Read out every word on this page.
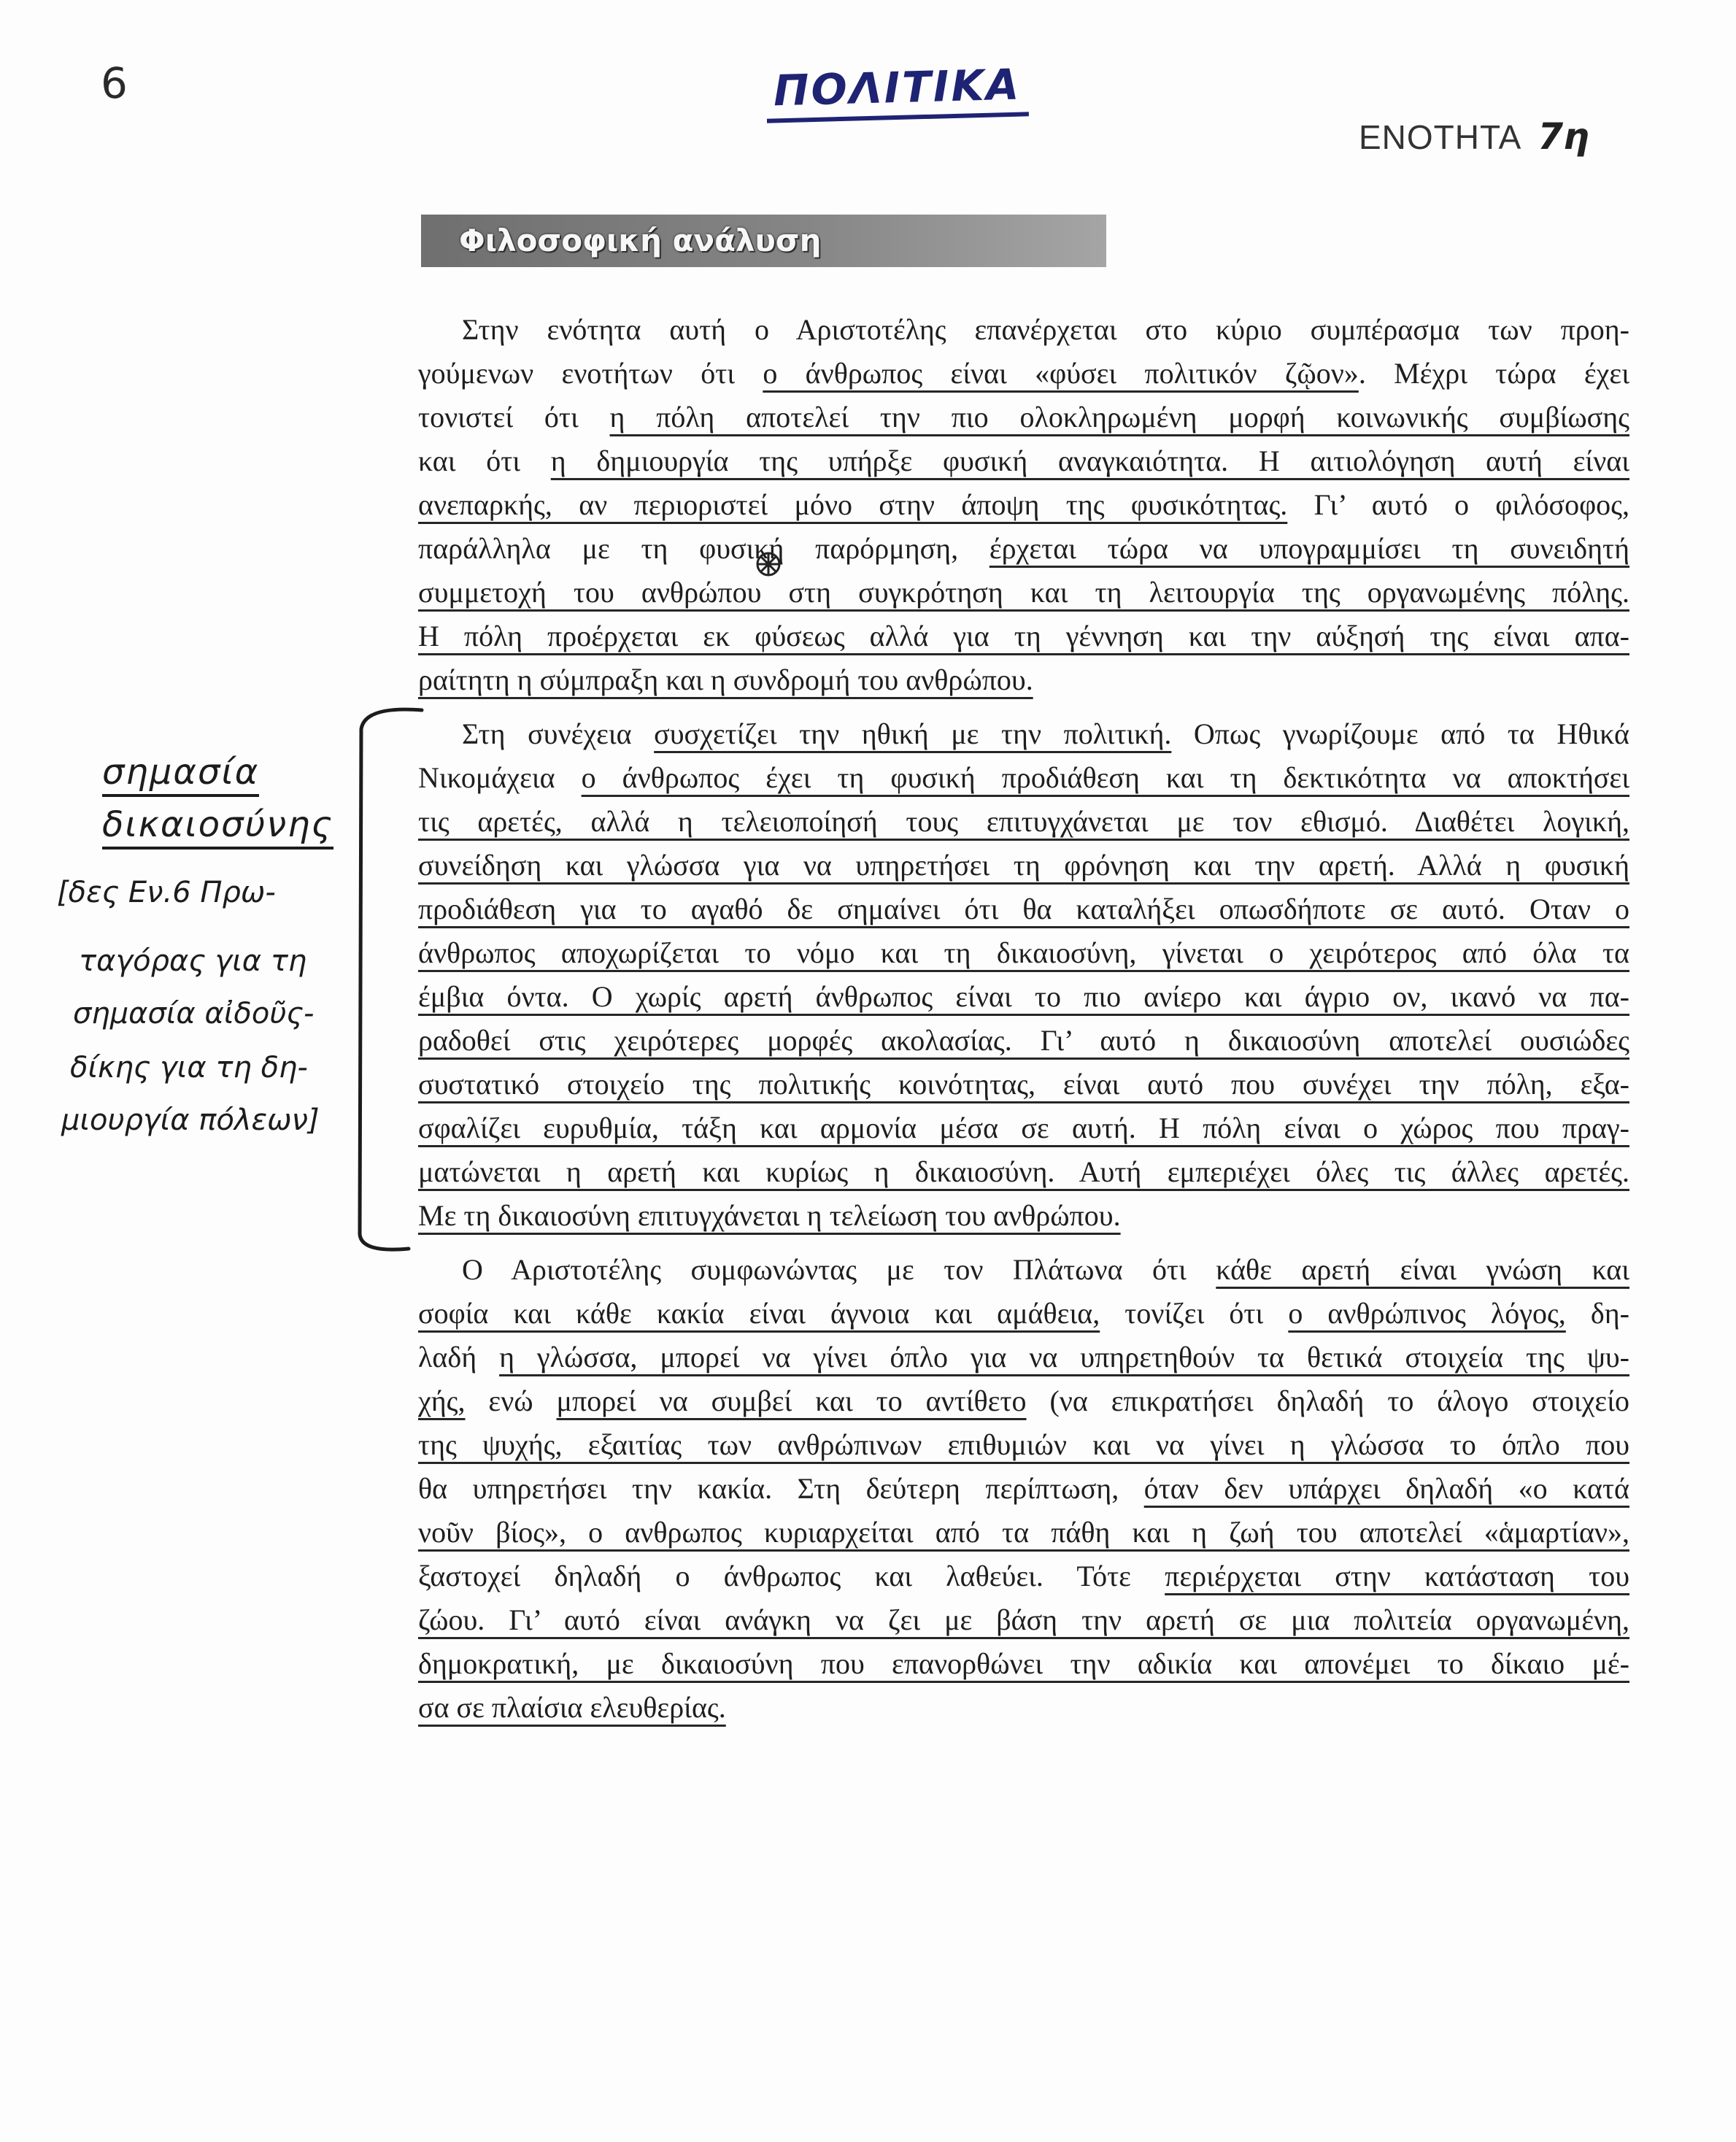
6	ΠΟΛΙΤΙΚΑ
ΕΝΟΤΗΤΑ 7η
Φιλοσοφική ανάλυση
Στην ενότητα αυτή ο Αριστοτέλης επανέρχεται στο κύριο συμπέρασμα των προη-
γούμενων ενοτήτων ότι ο άνθρωπος είναι «φύσει πολιτικόν ζῷον». Μέχρι τώρα έχει
τονιστεί ότι η πόλη αποτελεί την πιο ολοκληρωμένη μορφή κοινωνικής συμβίωσης
και ότι η δημιουργία της υπήρξε φυσική αναγκαιότητα. Η αιτιολόγηση αυτή είναι
ανεπαρκής, αν περιοριστεί μόνο στην άποψη της φυσικότητας. Γι’ αυτό ο φιλόσοφος,
παράλληλα με τη φυσική παρόρμηση, έρχεται τώρα να υπογραμμίσει τη συνειδητή
συμμετοχή του ανθρώπου στη συγκρότηση και τη λειτουργία της οργανωμένης πόλης.
Η πόλη προέρχεται εκ φύσεως αλλά για τη γέννηση και την αύξησή της είναι απα-
ραίτητη η σύμπραξη και η συνδρομή του ανθρώπου.
Στη συνέχεια συσχετίζει την ηθική με την πολιτική. Οπως γνωρίζουμε από τα Ηθικά
Νικομάχεια ο άνθρωπος έχει τη φυσική προδιάθεση και τη δεκτικότητα να αποκτήσει
τις αρετές, αλλά η τελειοποίησή τους επιτυγχάνεται με τον εθισμό. Διαθέτει λογική,
συνείδηση και γλώσσα για να υπηρετήσει τη φρόνηση και την αρετή. Αλλά η φυσική
προδιάθεση για το αγαθό δε σημαίνει ότι θα καταλήξει οπωσδήποτε σε αυτό. Οταν ο
άνθρωπος αποχωρίζεται το νόμο και τη δικαιοσύνη, γίνεται ο χειρότερος από όλα τα
έμβια όντα. Ο χωρίς αρετή άνθρωπος είναι το πιο ανίερο και άγριο ον, ικανό να πα-
ραδοθεί στις χειρότερες μορφές ακολασίας. Γι’ αυτό η δικαιοσύνη αποτελεί ουσιώδες
συστατικό στοιχείο της πολιτικής κοινότητας, είναι αυτό που συνέχει την πόλη, εξα-
σφαλίζει ευρυθμία, τάξη και αρμονία μέσα σε αυτή. Η πόλη είναι ο χώρος που πραγ-
ματώνεται η αρετή και κυρίως η δικαιοσύνη. Αυτή εμπεριέχει όλες τις άλλες αρετές.
Με τη δικαιοσύνη επιτυγχάνεται η τελείωση του ανθρώπου.
Ο Αριστοτέλης συμφωνώντας με τον Πλάτωνα ότι κάθε αρετή είναι γνώση και
σοφία και κάθε κακία είναι άγνοια και αμάθεια, τονίζει ότι ο ανθρώπινος λόγος, δη-
λαδή η γλώσσα, μπορεί να γίνει όπλο για να υπηρετηθούν τα θετικά στοιχεία της ψυ-
χής, ενώ μπορεί να συμβεί και το αντίθετο (να επικρατήσει δηλαδή το άλογο στοιχείο
της ψυχής, εξαιτίας των ανθρώπινων επιθυμιών και να γίνει η γλώσσα το όπλο που
θα υπηρετήσει την κακία. Στη δεύτερη περίπτωση, όταν δεν υπάρχει δηλαδή «ο κατά
νοῦν βίος», ο ανθρωπος κυριαρχείται από τα πάθη και η ζωή του αποτελεί «ἁμαρτίαν»,
ξαστοχεί δηλαδή ο άνθρωπος και λαθεύει. Τότε περιέρχεται στην κατάσταση του
ζώου. Γι’ αυτό είναι ανάγκη να ζει με βάση την αρετή σε μια πολιτεία οργανωμένη,
δημοκρατική, με δικαιοσύνη που επανορθώνει την αδικία και απονέμει το δίκαιο μέ-
σα σε πλαίσια ελευθερίας.
σημασία
δικαιοσύνης
[δες Εν.6 Πρω-
ταγόρας για τη
σημασία αἰδοῦς-
δίκης για τη δη-
μιουργία πόλεων]
